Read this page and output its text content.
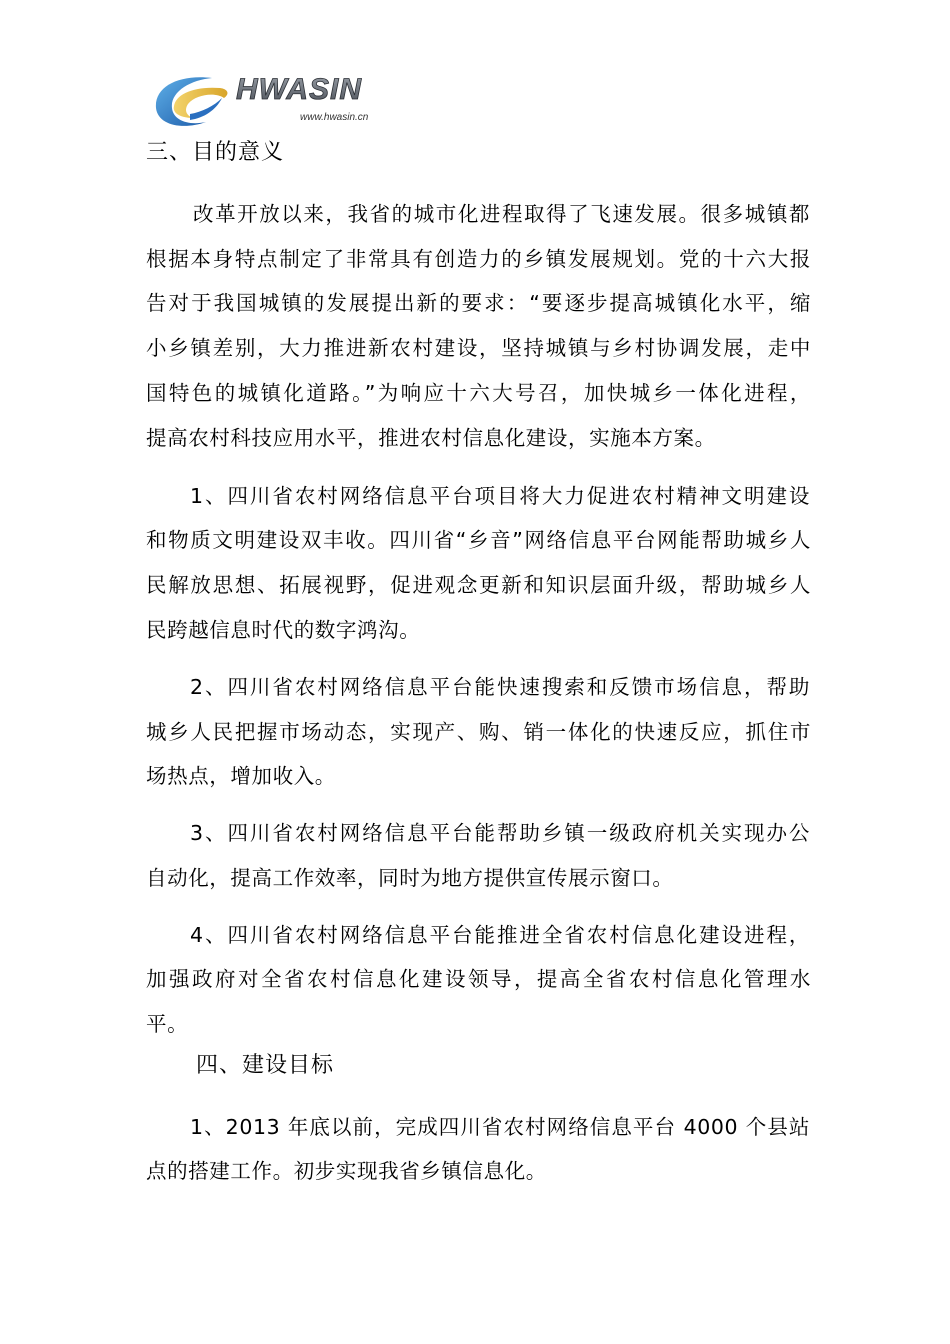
HWASIN
www.hwasin.cn
三、目的意义
改革开放以来，我省的城市化进程取得了飞速发展。很多城镇都
根据本身特点制定了非常具有创造力的乡镇发展规划。党的十六大报
告对于我国城镇的发展提出新的要求：“要逐步提高城镇化水平，缩
小乡镇差别，大力推进新农村建设，坚持城镇与乡村协调发展，走中
国特色的城镇化道路。”为响应十六大号召，加快城乡一体化进程，
提高农村科技应用水平，推进农村信息化建设，实施本方案。
1、四川省农村网络信息平台项目将大力促进农村精神文明建设
和物质文明建设双丰收。四川省“乡音”网络信息平台网能帮助城乡人
民解放思想、拓展视野，促进观念更新和知识层面升级，帮助城乡人
民跨越信息时代的数字鸿沟。
2、四川省农村网络信息平台能快速搜索和反馈市场信息，帮助
城乡人民把握市场动态，实现产、购、销一体化的快速反应，抓住市
场热点，增加收入。
3、四川省农村网络信息平台能帮助乡镇一级政府机关实现办公
自动化，提高工作效率，同时为地方提供宣传展示窗口。
4、四川省农村网络信息平台能推进全省农村信息化建设进程，
加强政府对全省农村信息化建设领导，提高全省农村信息化管理水
平。
四、建设目标
1、2013 年底以前，完成四川省农村网络信息平台 4000 个县站
点的搭建工作。初步实现我省乡镇信息化。
